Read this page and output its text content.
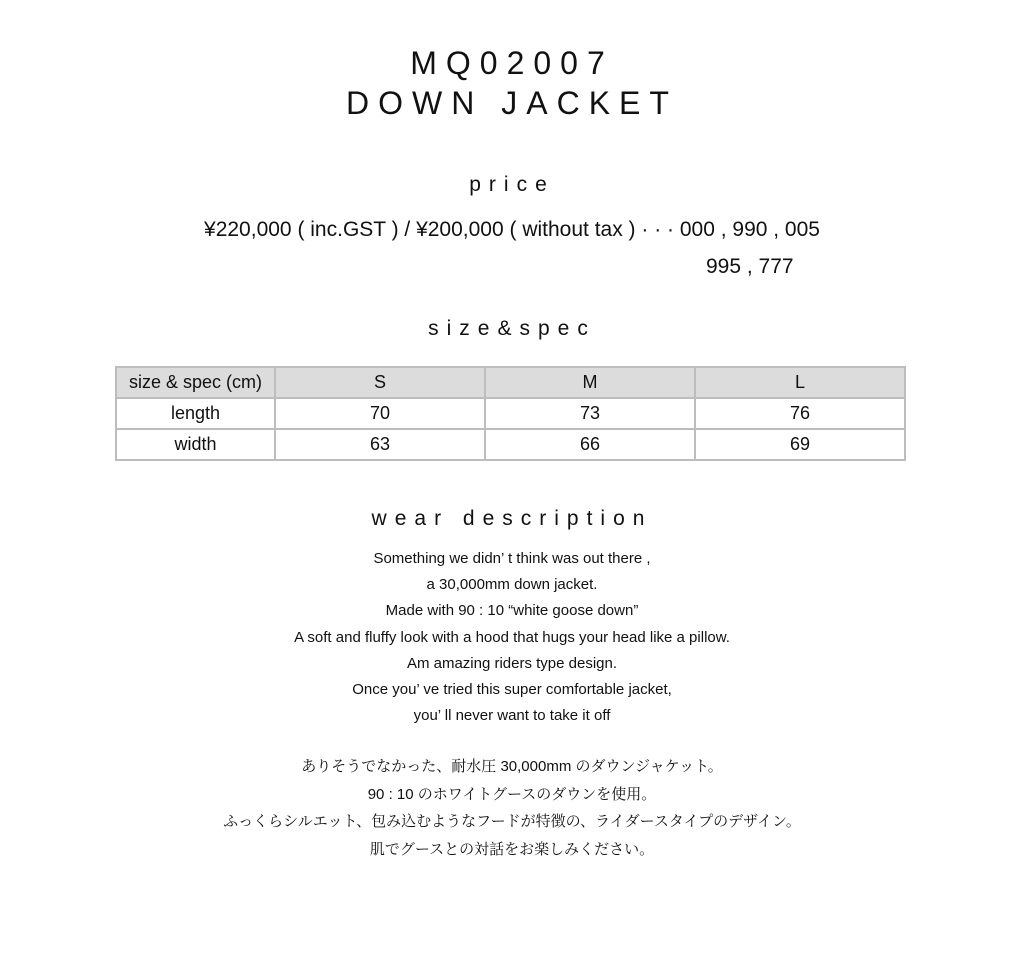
MQ02007
DOWN JACKET
price
¥220,000 ( inc.GST ) / ¥200,000 ( without tax ) · · · 000 , 990 , 005
995 , 777
size&spec
size & spec (cm)	S	M	L
length	70	73	76
width	63	66	69
wear description
Something we didn’ t think was out there ,
a 30,000mm down jacket.
Made with 90 : 10 “white goose down”
A soft and fluffy look with a hood that hugs your head like a pillow.
Am amazing riders type design.
Once you’ ve tried this super comfortable jacket,
you’ ll never want to take it off
ありそうでなかった、耐水圧 30,000mm のダウンジャケット。
90 : 10 のホワイトグースのダウンを使用。
ふっくらシルエット、包み込むようなフードが特徴の、ライダースタイプのデザイン。
肌でグースとの対話をお楽しみください。
